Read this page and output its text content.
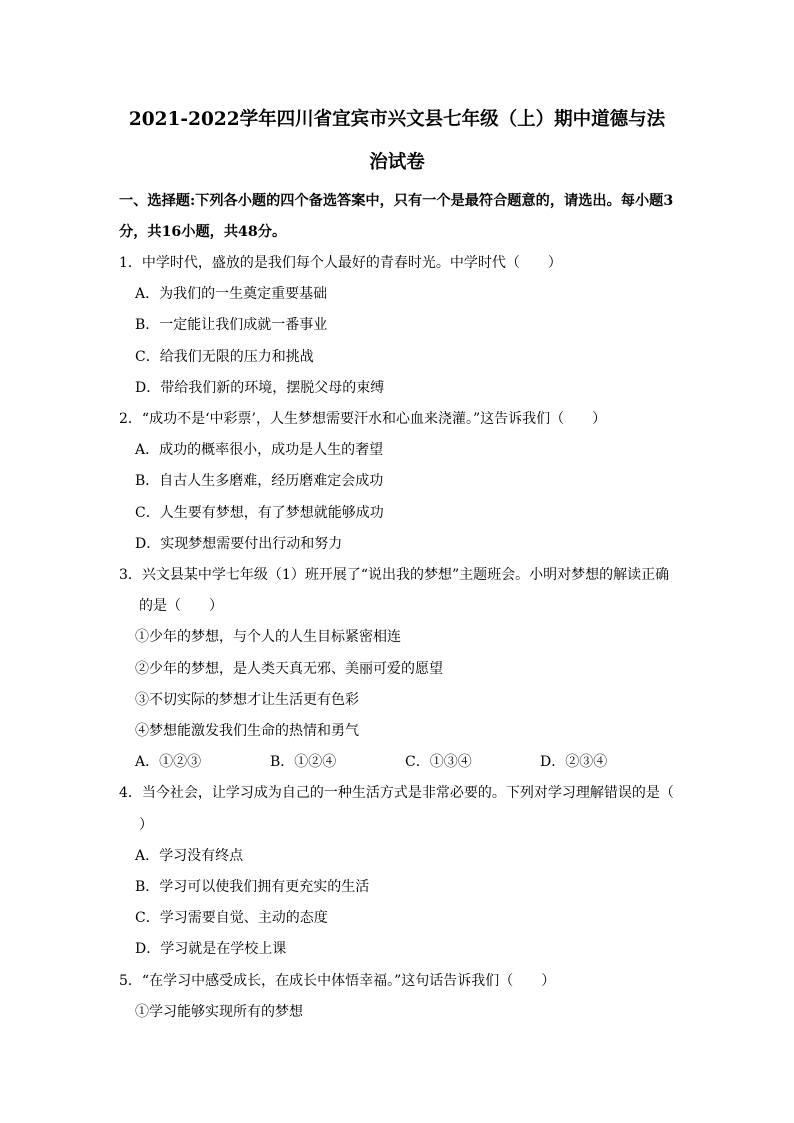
2021-2022学年四川省宜宾市兴文县七年级（上）期中道德与法
治试卷
一、选择题:下列各小题的四个备选答案中，只有一个是最符合题意的，请选出。每小题3
分，共16小题，共48分。
1．中学时代，盛放的是我们每个人最好的青春时光。中学时代（　　）
A．为我们的一生奠定重要基础
B．一定能让我们成就一番事业
C．给我们无限的压力和挑战
D．带给我们新的环境，摆脱父母的束缚
2．“成功不是‘中彩票’，人生梦想需要汗水和心血来浇灌。”这告诉我们（　　）
A．成功的概率很小，成功是人生的奢望
B．自古人生多磨难，经历磨难定会成功
C．人生要有梦想，有了梦想就能够成功
D．实现梦想需要付出行动和努力
3．兴文县某中学七年级（1）班开展了“说出我的梦想”主题班会。小明对梦想的解读正确
的是（　　）
①少年的梦想，与个人的人生目标紧密相连
②少年的梦想，是人类天真无邪、美丽可爱的愿望
③不切实际的梦想才让生活更有色彩
④梦想能激发我们生命的热情和勇气
A．①②③	B．①②④	C．①③④	D．②③④
4．当今社会，让学习成为自己的一种生活方式是非常必要的。下列对学习理解错误的是（
）
A．学习没有终点
B．学习可以使我们拥有更充实的生活
C．学习需要自觉、主动的态度
D．学习就是在学校上课
5．“在学习中感受成长，在成长中体悟幸福。”这句话告诉我们（　　）
①学习能够实现所有的梦想
